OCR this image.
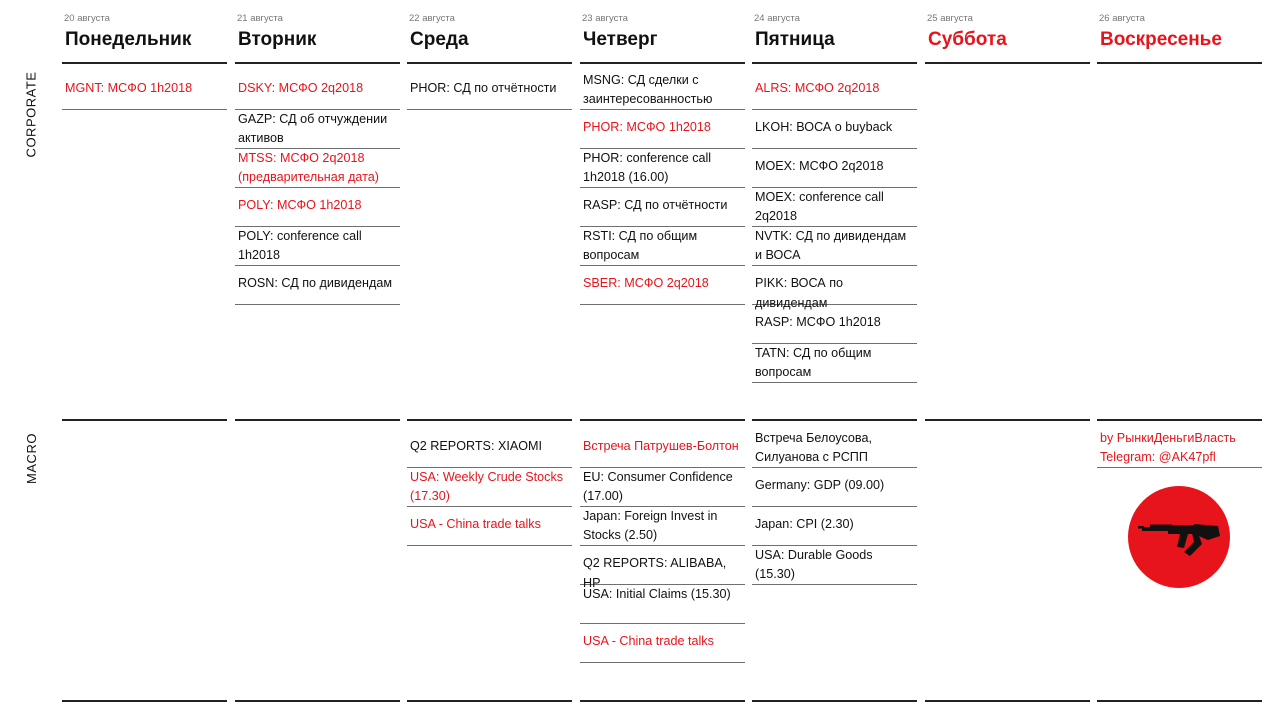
CORPORATE
MACRO
20 августа
Понедельник
MGNT: МСФО 1h2018
21 августа
Вторник
DSKY: МСФО 2q2018
GAZP: СД об отчуждении активов
MTSS: МСФО 2q2018 (предварительная дата)
POLY: МСФО 1h2018
POLY: conference call 1h2018
ROSN: СД по дивидендам
22 августа
Среда
PHOR: СД по отчётности
Q2 REPORTS: XIAOMI
USA: Weekly Crude Stocks (17.30)
USA - China trade talks
23 августа
Четверг
MSNG: СД сделки с заинтересованностью
PHOR: МСФО 1h2018
PHOR: conference call 1h2018 (16.00)
RASP: СД по отчётности
RSTI: СД по общим вопросам
SBER: МСФО 2q2018
Встреча Патрушев-Болтон
EU: Consumer Confidence (17.00)
Japan: Foreign Invest in Stocks (2.50)
Q2 REPORTS: ALIBABA, HP
USA: Initial Claims (15.30)
USA - China trade talks
24 августа
Пятница
ALRS: МСФО 2q2018
LKOH: ВОСА о buyback
MOEX: МСФО 2q2018
MOEX: conference call 2q2018
NVTK: СД по дивидендам и ВОСА
PIKK: ВОСА по дивидендам
RASP: МСФО 1h2018
TATN: СД по общим вопросам
Встреча Белоусова, Силуанова с РСПП
Germany: GDP (09.00)
Japan: CPI (2.30)
USA: Durable Goods (15.30)
25 августа
Суббота
26 августа
Воскресенье
by РынкиДеньгиВласть Telegram: @AK47pfl
